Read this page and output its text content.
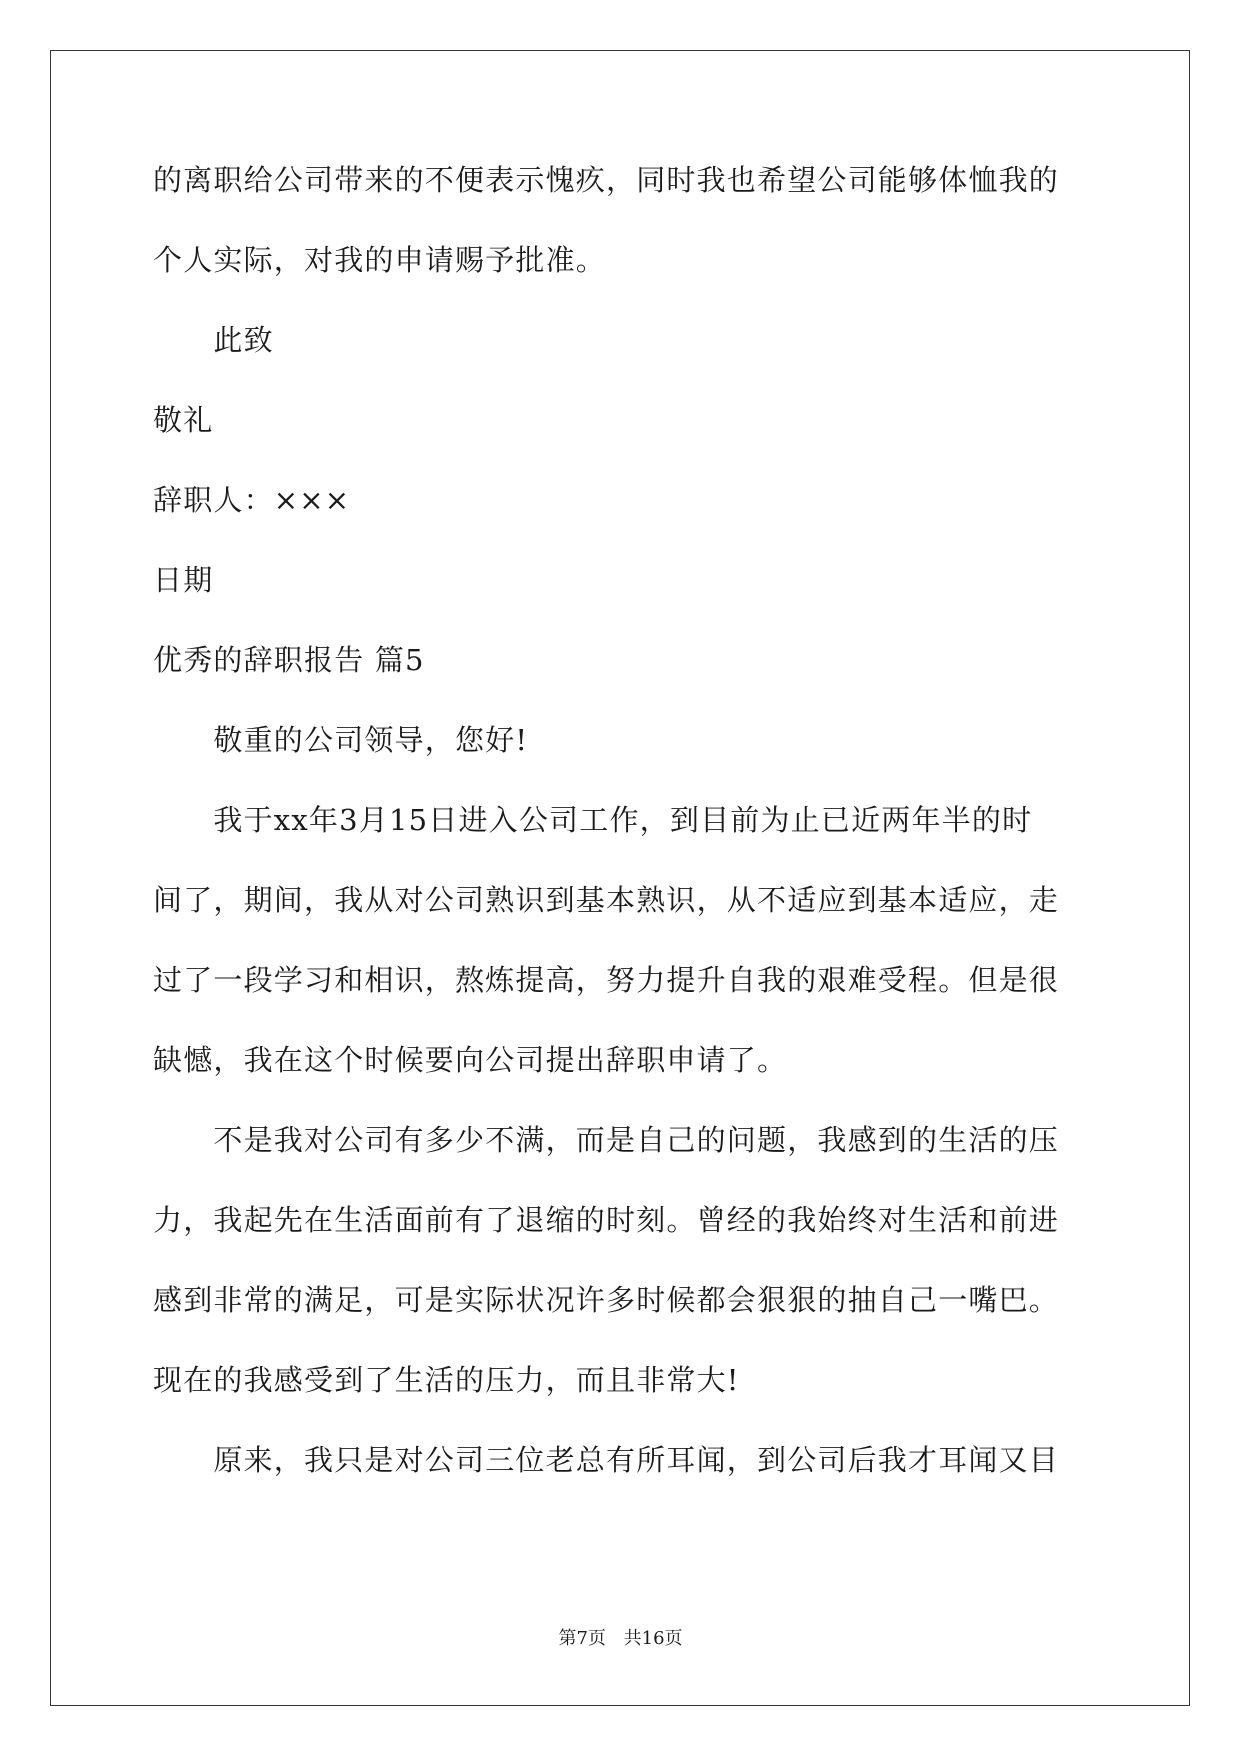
的离职给公司带来的不便表示愧疚，同时我也希望公司能够体恤我的
个人实际，对我的申请赐予批准。
　　此致
敬礼
辞职人：×××
日期
优秀的辞职报告 篇5
　　敬重的公司领导，您好!
　　我于xx年3月15日进入公司工作，到目前为止已近两年半的时
间了，期间，我从对公司熟识到基本熟识，从不适应到基本适应，走
过了一段学习和相识，熬炼提高，努力提升自我的艰难受程。但是很
缺憾，我在这个时候要向公司提出辞职申请了。
　　不是我对公司有多少不满，而是自己的问题，我感到的生活的压
力，我起先在生活面前有了退缩的时刻。曾经的我始终对生活和前进
感到非常的满足，可是实际状况许多时候都会狠狠的抽自己一嘴巴。
现在的我感受到了生活的压力，而且非常大!
　　原来，我只是对公司三位老总有所耳闻，到公司后我才耳闻又目
第7页 共16页
